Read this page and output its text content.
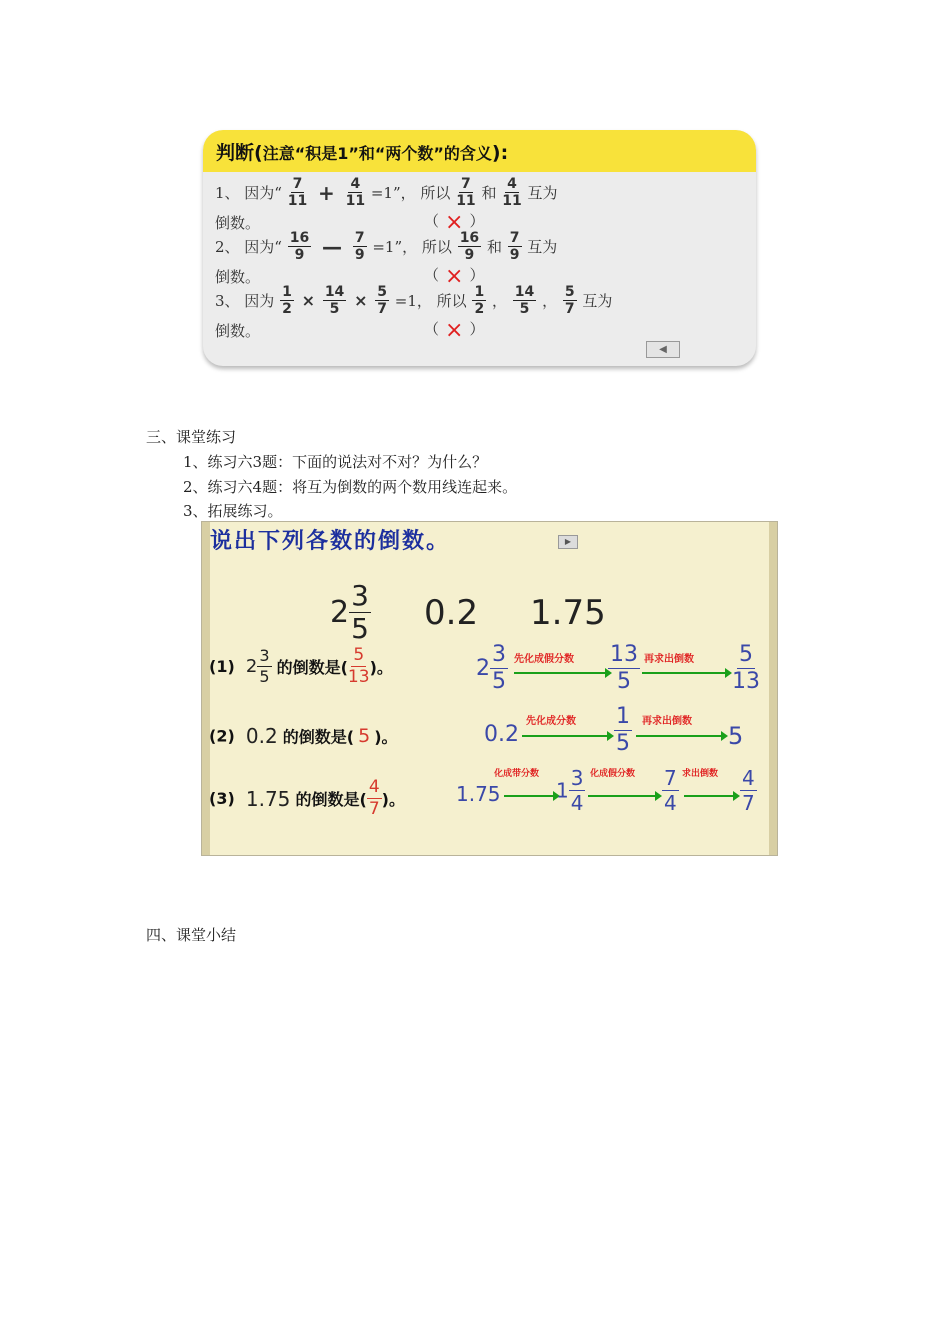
判断(注意“积是1”和“两个数”的含义):
1、 因为“ $\frac{7}{11} + \frac{4}{11} =1$”， 所以 $\frac{7}{11}$ 和 $\frac{4}{11}$ 互为
倒数。	（ × ）
2、 因为“ $\frac{16}{9}$ — $\frac{7}{9} =1$”， 所以 $\frac{16}{9}$ 和 $\frac{7}{9}$ 互为
倒数。	（ × ）
3、 因为 $\frac{1}{2} \times \frac{14}{5} \times \frac{5}{7} =1$， 所以 $\frac{1}{2}$ ， $\frac{14}{5}$ ， $\frac{5}{7}$ 互为
倒数。	（ × ）
◀
三、课堂练习
1、练习六3题：下面的说法对不对？为什么？
2、练习六4题：将互为倒数的两个数用线连起来。
3、拓展练习。
四、课堂小结
说出下列各数的倒数。	▶
$2 \frac{3}{5} 0.2$ 1.75
(1) $2 \frac{3}{5}$ 的倒数是( $\frac{5}{13}$ )。	$2 \frac{3}{5}$ 先化成假分数 $\frac{13}{5}$ 再求出倒数 $\frac{5}{13}$
(2) 0.2 的倒数是( 5 )。	0.2
先化成分数 $\frac{1}{5}$ 再求出倒数
5
(3) 1.75 的倒数是( $\frac{4}{7}$ )。	1.75
化成带分数
$1 \frac{3}{4}$ 化成假分数 $\frac{7}{4}$ 求出倒数 $\frac{4}{7}$
